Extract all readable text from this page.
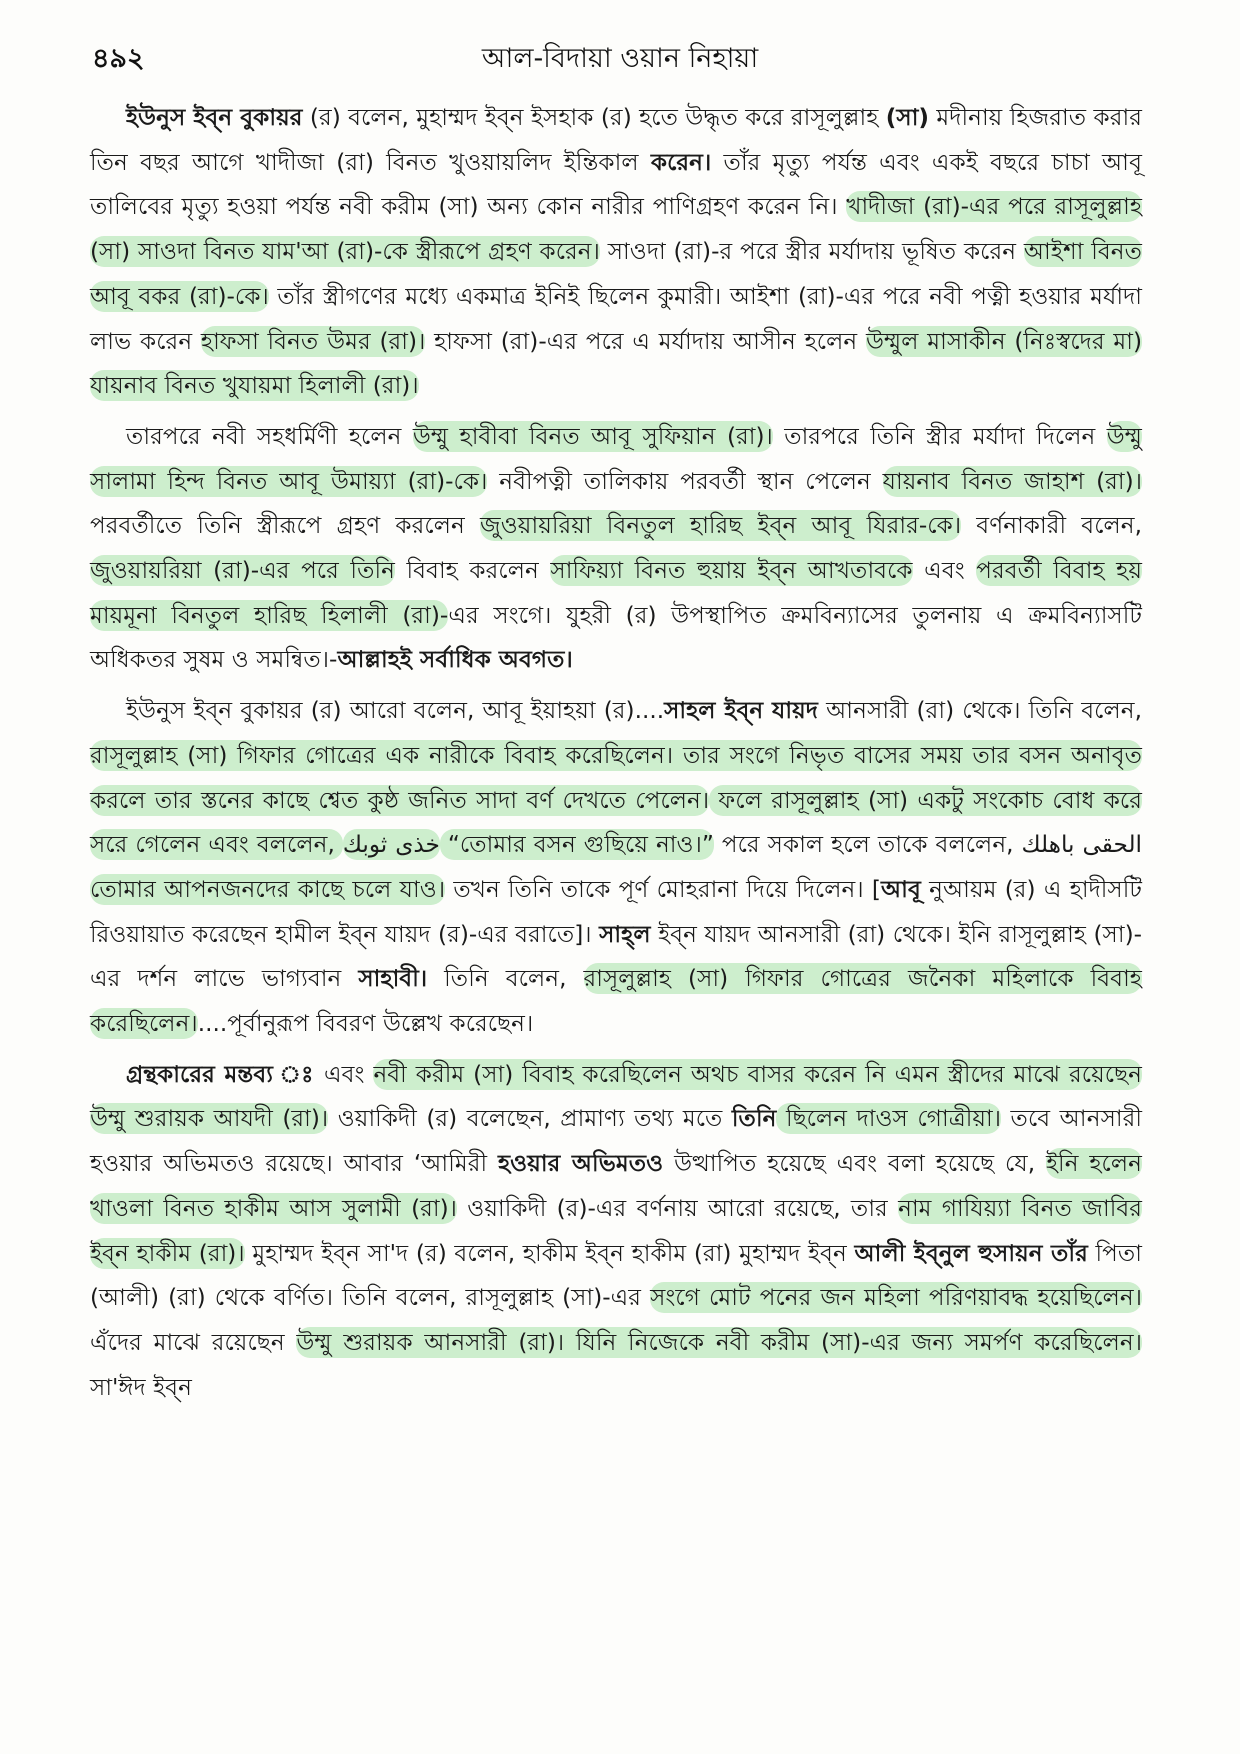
৪৯২	আল-বিদায়া ওয়ান নিহায়া

ইউনুস ইব্ন বুকায়র (র) বলেন, মুহাম্মদ ইব্ন ইসহাক (র) হতে উদ্ধৃত করে রাসূলুল্লাহ (সা) মদীনায় হিজরাত করার তিন বছর আগে খাদীজা (রা) বিনত খুওয়ায়লিদ ইন্তিকাল করেন। তাঁর মৃত্যু পর্যন্ত এবং একই বছরে চাচা আবূ তালিবের মৃত্যু হওয়া পর্যন্ত নবী করীম (সা) অন্য কোন নারীর পাণিগ্রহণ করেন নি। খাদীজা (রা)-এর পরে রাসূলুল্লাহ (সা) সাওদা বিনত যাম'আ (রা)-কে স্ত্রীরূপে গ্রহণ করেন। সাওদা (রা)-র পরে স্ত্রীর মর্যাদায় ভূষিত করেন আইশা বিনত আবূ বকর (রা)-কে। তাঁর স্ত্রীগণের মধ্যে একমাত্র ইনিই ছিলেন কুমারী। আইশা (রা)-এর পরে নবী পত্নী হওয়ার মর্যাদা লাভ করেন হাফসা বিনত উমর (রা)। হাফসা (রা)-এর পরে এ মর্যাদায় আসীন হলেন উম্মুল মাসাকীন (নিঃস্বদের মা) যায়নাব বিনত খুযায়মা হিলালী (রা)।

তারপরে নবী সহধর্মিণী হলেন উম্মু হাবীবা বিনত আবূ সুফিয়ান (রা)। তারপরে তিনি স্ত্রীর মর্যাদা দিলেন উম্মু সালামা হিন্দ বিনত আবূ উমায়্যা (রা)-কে। নবীপত্নী তালিকায় পরবর্তী স্থান পেলেন যায়নাব বিনত জাহাশ (রা)। পরবর্তীতে তিনি স্ত্রীরূপে গ্রহণ করলেন জুওয়ায়রিয়া বিনতুল হারিছ ইব্ন আবূ যিরার-কে। বর্ণনাকারী বলেন, জুওয়ায়রিয়া (রা)-এর পরে তিনি বিবাহ করলেন সাফিয়্যা বিনত হুয়ায় ইব্ন আখতাবকে এবং পরবর্তী বিবাহ হয় মায়মূনা বিনতুল হারিছ হিলালী (রা)-এর সংগে। যুহরী (র) উপস্থাপিত ক্রমবিন্যাসের তুলনায় এ ক্রমবিন্যাসটি অধিকতর সুষম ও সমন্বিত।-আল্লাহই সর্বাধিক অবগত।

ইউনুস ইব্ন বুকায়র (র) আরো বলেন, আবূ ইয়াহয়া (র)....সাহল ইব্ন যায়দ আনসারী (রা) থেকে। তিনি বলেন, রাসূলুল্লাহ (সা) গিফার গোত্রের এক নারীকে বিবাহ করেছিলেন। তার সংগে নিভৃত বাসের সময় তার বসন অনাবৃত করলে তার স্তনের কাছে শ্বেত কুষ্ঠ জনিত সাদা বর্ণ দেখতে পেলেন। ফলে রাসূলুল্লাহ (সা) একটু সংকোচ বোধ করে সরে গেলেন এবং বললেন, خذى ثوبك “তোমার বসন গুছিয়ে নাও।” পরে সকাল হলে তাকে বললেন, الحقى باهلك তোমার আপনজনদের কাছে চলে যাও। তখন তিনি তাকে পূর্ণ মোহরানা দিয়ে দিলেন। [আবূ নুআয়ম (র) এ হাদীসটি রিওয়ায়াত করেছেন হামীল ইব্ন যায়দ (র)-এর বরাতে]। সাহ্‌ল ইব্ন যায়দ আনসারী (রা) থেকে। ইনি রাসূলুল্লাহ (সা)-এর দর্শন লাভে ভাগ্যবান সাহাবী। তিনি বলেন, রাসূলুল্লাহ (সা) গিফার গোত্রের জনৈকা মহিলাকে বিবাহ করেছিলেন।....পূর্বানুরূপ বিবরণ উল্লেখ করেছেন।

গ্রন্থকারের মন্তব্য ঃ এবং নবী করীম (সা) বিবাহ করেছিলেন অথচ বাসর করেন নি এমন স্ত্রীদের মাঝে রয়েছেন উম্মু শুরায়ক আযদী (রা)। ওয়াকিদী (র) বলেছেন, প্রামাণ্য তথ্য মতে তিনি ছিলেন দাওস গোত্রীয়া। তবে আনসারী হওয়ার অভিমতও রয়েছে। আবার ‘আমিরী হওয়ার অভিমতও উত্থাপিত হয়েছে এবং বলা হয়েছে যে, ইনি হলেন খাওলা বিনত হাকীম আস সুলামী (রা)। ওয়াকিদী (র)-এর বর্ণনায় আরো রয়েছে, তার নাম গাযিয়্যা বিনত জাবির ইব্ন হাকীম (রা)। মুহাম্মদ ইব্ন সা'দ (র) বলেন, হাকীম ইব্ন হাকীম (রা) মুহাম্মদ ইব্ন আলী ইব্নুল হুসায়ন তাঁর পিতা (আলী) (রা) থেকে বর্ণিত। তিনি বলেন, রাসূলুল্লাহ (সা)-এর সংগে মোট পনের জন মহিলা পরিণয়াবদ্ধ হয়েছিলেন। এঁদের মাঝে রয়েছেন উম্মু শুরায়ক আনসারী (রা)। যিনি নিজেকে নবী করীম (সা)-এর জন্য সমর্পণ করেছিলেন। সা'ঈদ ইব্ন
